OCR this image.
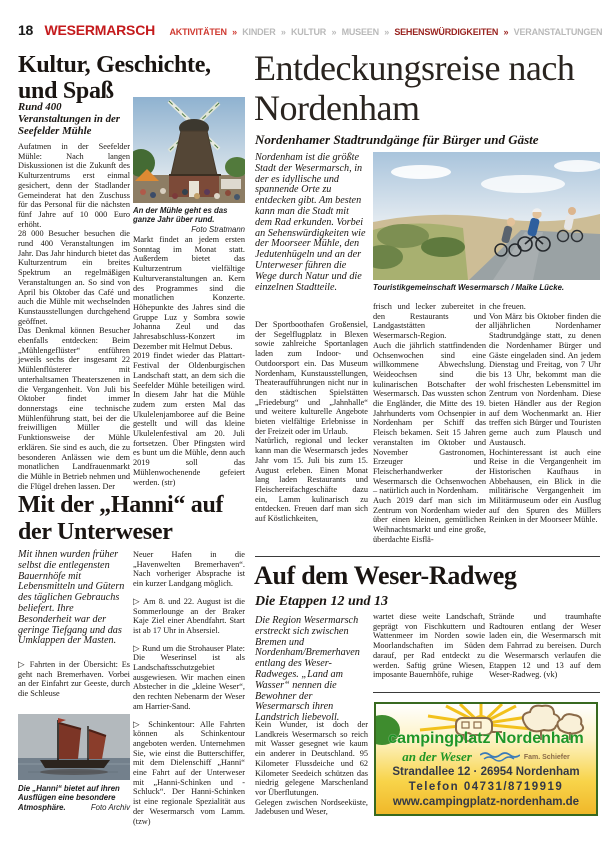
18 WESERMARSCH AKTIVITÄTEN » KINDER » KULTUR » MUSEEN » SEHENSWÜRDIGKEITEN » VERANSTALTUNGEN
Kultur, Geschichte, und Spaß

Rund 400 Veranstaltungen in der Seefelder Mühle

An der Mühle geht es das ganze Jahr über rund.
Foto Stratmann

Aufatmen in der Seefelder Mühle: Nach langen Diskussionen ist die Zukunft des Kulturzentrums erst einmal gesichert, denn der Stadlander Gemeinderat hat den Zuschuss für das Personal für die nächsten fünf Jahre auf 10 000 Euro erhöht.

28 000 Besucher besuchen die rund 400 Veranstaltungen im Jahr. Das Jahr hindurch bietet das Kulturzentrum ein breites Spektrum an regelmäßigen Veranstaltungen an. So sind von April bis Oktober das Café und auch die Mühle mit wechselnden Kunstausstellungen durchgehend geöffnet.

Das Denkmal können Besucher ebenfalls entdecken: Beim „Mühlengeflüster“ entführen jeweils sechs der insgesamt 22 Mühlenflüsterer mit unterhaltsamen Theaterszenen in die Vergangenheit. Von Juli bis Oktober findet immer donnerstags eine technische Mühlenführung statt, bei der die freiwilligen Müller die Funktionsweise der Mühle erklären. Sie sind es auch, die zu besonderen Anlässen wie dem monatlichen Landfrauenmarkt die Mühle in Betrieb nehmen und die Flügel drehen lassen. Der

Markt findet an jedem ersten Sonntag im Monat statt. Außerdem bietet das Kulturzentrum vielfältige Kulturveranstaltungen an. Kern des Programmes sind die monatlichen Konzerte. Höhepunkte des Jahres sind die Gruppe Luz y Sombra sowie Johanna Zeul und das Jahresabschluss-Konzert im Dezember mit Helmut Debus.

2019 findet wieder das Plattart-Festival der Oldenburgischen Landschaft statt, an dem sich die Seefelder Mühle beteiligen wird. In diesem Jahr hat die Mühle zudem zum ersten Mal das Ukulelenjamboree auf die Beine gestellt und will das kleine Ukulelenfestival am 20. Juli fortsetzen. Über Pfingsten wird es bunt um die Mühle, denn auch 2019 soll das Mühlenwochenende gefeiert werden. (str)

Entdeckungsreise nach Nordenham

Nordenhamer Stadtrundgänge für Bürger und Gäste

Nordenham ist die größte Stadt der Wesermarsch, in der es idyllische und spannende Orte zu entdecken gibt. Am besten kann man die Stadt mit dem Rad erkunden. Vorbei an Sehenswürdigkeiten wie der Moorseer Mühle, den Jedutenhügeln und an der Unterweser führen die Wege durch Natur und die einzelnen Stadtteile.	Touristikgemeinschaft Wesermarsch / Maike Lücke.

Der Sportboothafen Großensiel, der Segelflugplatz in Blexen sowie zahlreiche Sportanlagen laden zum Indoor- und Outdoorsport ein. Das Museum Nordenham, Kunstausstellungen, Theateraufführungen nicht nur in den städtischen Spielstätten „Friedeburg“ und „Jahnhalle“ und weitere kulturelle Angebote bieten vielfältige Erlebnisse in der Freizeit oder im Urlaub.

Natürlich, regional und lecker kann man die Wesermarsch jedes Jahr vom 15. Juli bis zum 15. August erleben. Einen Monat lang laden Restaurants und Fleischereifachgeschäfte dazu ein, Lamm kulinarisch zu entdecken. Freuen darf man sich auf Köstlichkeiten,

frisch und lecker zubereitet in den Restaurants und Landgaststätten der Wesermarsch-Region.

Auch die jährlich stattfindenden Ochsenwochen sind eine willkommene Abwechslung. Weideochsen sind die kulinarischen Botschafter der Wesermarsch. Das wussten schon die Engländer, die Mitte des 19. Jahrhunderts vom Ochsenpier in Nordenham per Schiff das Fleisch bekamen. Seit 15 Jahren veranstalten im Oktober und November Gastronomen, Erzeuger und Fleischerhandwerker der Wesermarsch die Ochsenwochen – natürlich auch in Nordenham.

Auch 2019 darf man sich im Zentrum von Nordenham wieder über einen kleinen, gemütlichen Weihnachtsmarkt und eine große, überdachte Eisflä-

che freuen.

Von März bis Oktober finden die alljährlichen Nordenhamer Stadtrundgänge statt, zu denen die Nordenhamer Bürger und Gäste eingeladen sind. An jedem Dienstag und Freitag, von 7 Uhr bis 13 Uhr, bekommt man die wohl frischesten Lebensmittel im Zentrum von Nordenham. Diese bieten Händler aus der Region auf dem Wochenmarkt an. Hier treffen sich Bürger und Touristen gerne auch zum Plausch und Austausch.

Hochinteressant ist auch eine Reise in die Vergangenheit im Historischen Kaufhaus in Abbehausen, ein Blick in die militärische Vergangenheit im Militärmuseum oder ein Ausflug auf den Spuren des Müllers Reinken in der Moorseer Mühle.

Mit der „Hanni“ auf der Unterweser
Mit ihnen wurden früher selbst die entlegensten Bauernhöfe mit Lebensmitteln und Gütern des täglichen Gebrauchs beliefert. Ihre Besonderheit war der geringe Tiefgang und das Umklappen der Masten.

▷ Fahrten in der Übersicht: Es geht nach Bremerhaven. Vorbei an der Einfahrt zur Geeste, durch die Schleuse

Die „Hanni“ bietet auf ihren Ausflügen eine besondere Atmosphäre.	Foto Archiv

Neuer Hafen in die „Havenwelten Bremerhaven“. Nach vorheriger Absprache ist ein kurzer Landgang möglich.

▷ Am 8. und 22. August ist die Sommerlounge an der Braker Kaje Ziel einer Abendfahrt. Start ist ab 17 Uhr in Absersiel.

▷ Rund um die Strohauser Plate: Die Weserinsel ist als Landschaftsschutzgebiet ausgewiesen. Wir machen einen Abstecher in die „kleine Weser“, den rechten Nebenarm der Weser am Harrier-Sand.

▷ Schinkentour: Alle Fahrten können als Schinkentour angeboten werden. Unternehmen Sie, wie einst die Butterschiffer, mit dem Dielenschiff „Hanni“ eine Fahrt auf der Unterweser mit „Hanni-Schinken und -Schluck“. Der Hanni-Schinken ist eine regionale Spezialität aus der Wesermarsch vom Lamm. (tzw)

Auf dem Weser-Radweg

Die Etappen 12 und 13

Die Region Wesermarsch erstreckt sich zwischen Bremen und Nordenham/Bremerhaven entlang des Weser-Radweges. „Land am Wasser“ nennen die Bewohner der Wesermarsch ihren Landstrich liebevoll.

Kein Wunder, ist doch der Landkreis Wesermarsch so reich mit Wasser gesegnet wie kaum ein anderer in Deutschland. 95 Kilometer Flussdeiche und 62 Kilometer Seedeich schützen das niedrig gelegene Marschenland vor Überflutungen.

Gelegen zwischen Nordseeküste, Jadebusen und Weser,

wartet diese weite Landschaft, geprägt von Fischkuttern und Wattenmeer im Norden sowie Moorlandschaften im Süden darauf, per Rad entdeckt zu werden. Saftig grüne Wiesen, imposante Bauernhöfe, ruhige

Strände und traumhafte Radtouren entlang der Weser laden ein, die Wesermarsch mit dem Fahrrad zu bereisen. Durch die Wesermarsch verlaufen die Etappen 12 und 13 auf dem Weser-Radweg. (vk)

campingplatz Nordenham
an der Weser	Fam. Schiefer
Strandallee 12 · 26954 Nordenham
Telefon 04731/8719919
www.campingplatz-nordenham.de
